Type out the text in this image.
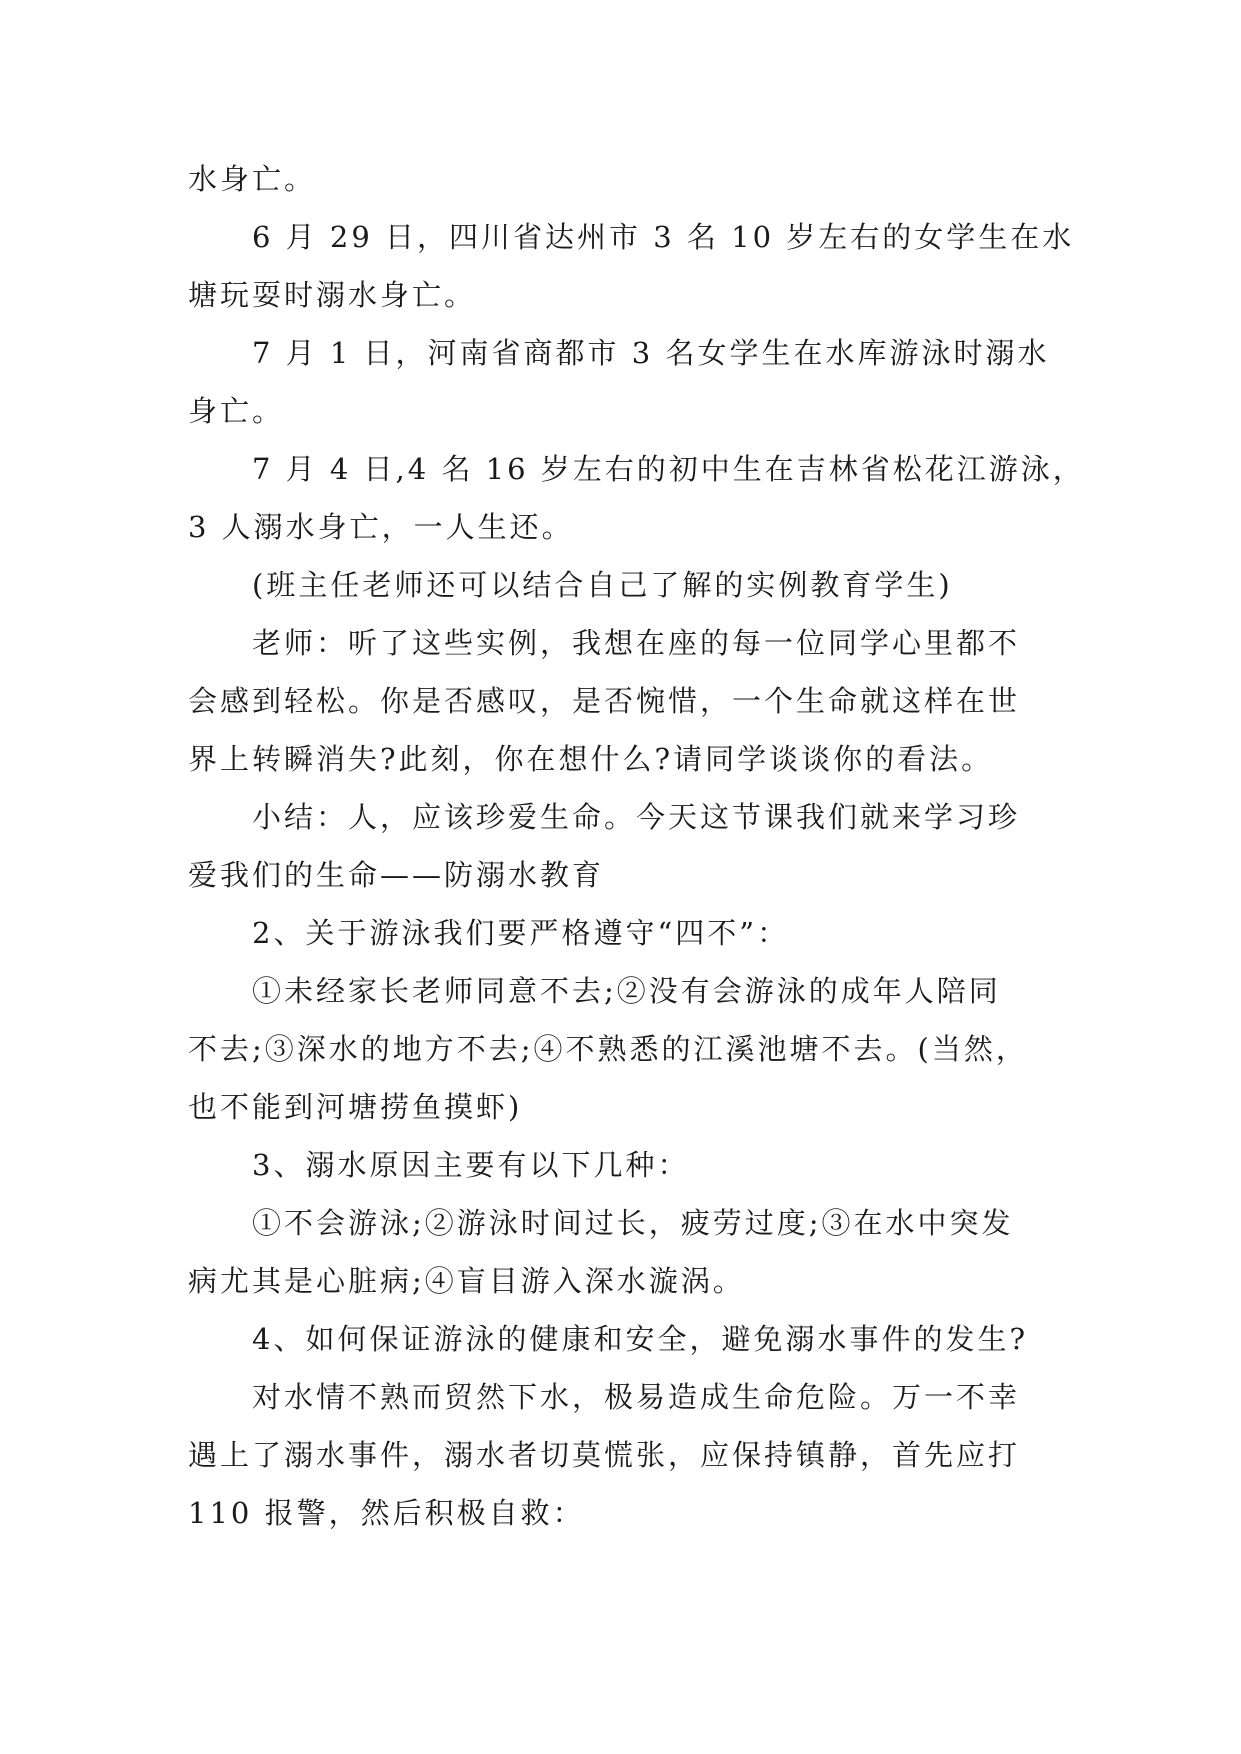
水身亡。
6 月 29 日，四川省达州市 3 名 10 岁左右的女学生在水
塘玩耍时溺水身亡。
7 月 1 日，河南省商都市 3 名女学生在水库游泳时溺水
身亡。
7 月 4 日,4 名 16 岁左右的初中生在吉林省松花江游泳，
3 人溺水身亡，一人生还。
(班主任老师还可以结合自己了解的实例教育学生)
老师：听了这些实例，我想在座的每一位同学心里都不
会感到轻松。你是否感叹，是否惋惜，一个生命就这样在世
界上转瞬消失?此刻，你在想什么?请同学谈谈你的看法。
小结：人，应该珍爱生命。今天这节课我们就来学习珍
爱我们的生命——防溺水教育
2、关于游泳我们要严格遵守“四不”：
①未经家长老师同意不去;②没有会游泳的成年人陪同
不去;③深水的地方不去;④不熟悉的江溪池塘不去。(当然，
也不能到河塘捞鱼摸虾)
3、溺水原因主要有以下几种：
①不会游泳;②游泳时间过长，疲劳过度;③在水中突发
病尤其是心脏病;④盲目游入深水漩涡。
4、如何保证游泳的健康和安全，避免溺水事件的发生?
对水情不熟而贸然下水，极易造成生命危险。万一不幸
遇上了溺水事件，溺水者切莫慌张，应保持镇静，首先应打
110 报警，然后积极自救：
